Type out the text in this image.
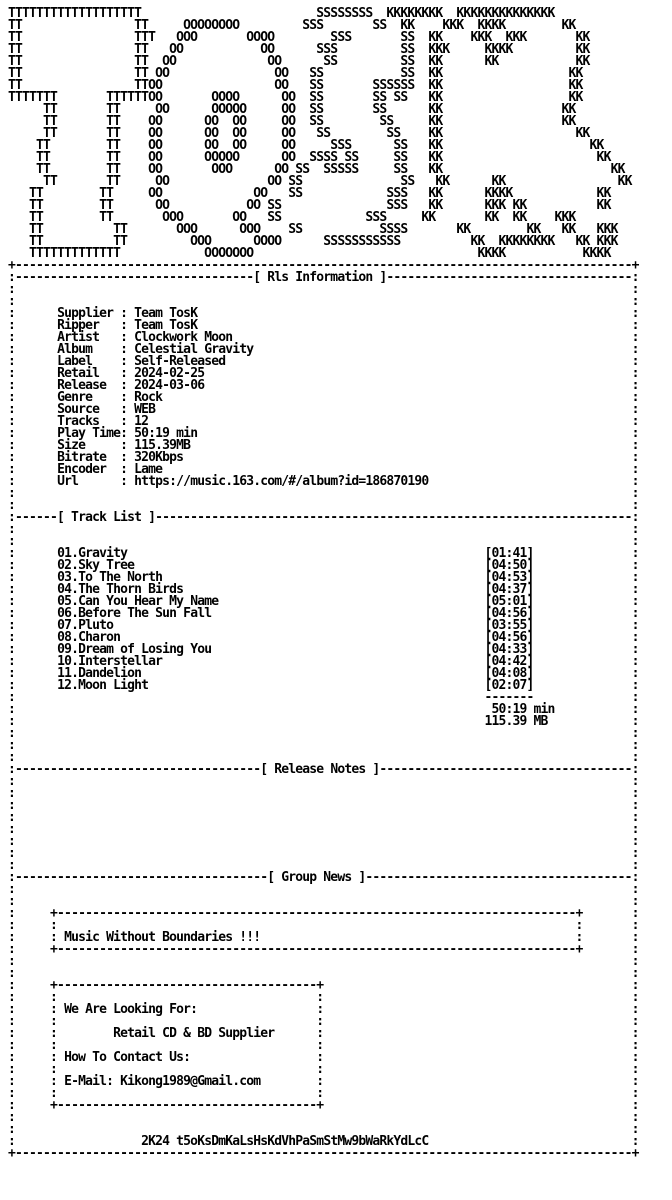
TTTTTTTTTTTTTTTTTTT                         SSSSSSSS  KKKKKKKK  KKKKKKKKKKKKKK
TT                TT     OOOOOOOO         SSS       SS  KK    KKK  KKKK        KK
TT                TTT   OOO       OOOO        SSS       SS  KK    KKK  KKK       KK
TT                TT   OO           OO      SSS         SS  KKK     KKKK         KK
TT                TT  OO             OO      SS         SS  KK      KK           KK
TT                TT OO               OO   SS           SS  KK                  KK
TT                TTOO                OO   SS       SSSSSS  KK                  KK
TTTTTTT       TTTTTTOO       OOOO      OO  SS       SS SS   KK                  KK
TT       TT     OO      OOOOO     OO  SS       SS      KK                 KK
TT       TT    OO      OO  OO     OO  SS        SS     KK                 KK
TT       TT    OO      OO  OO     OO   SS        SS    KK                   KK
TT        TT    OO      OO  OO     OO     SSS      SS   KK                     KK
TT        TT    OO      OOOOO      OO  SSSS SS     SS   KK                      KK
TT        TT    OO       OOO      OO SS  SSSSS     SS   KK                        KK
TT       TT     OO              OO SS              SS   KK      KK                KK
TT        TT     OO             OO   SS            SSS   KK      KKKK            KK
TT        TT      OO           OO SS               SSS   KK      KKK KK          KK
TT        TT       OOO       OO   SS            SSS     KK       KK  KK    KKK
TT          TT       OOO      OOO    SS           SSSS       KK        KK   KK   KKK
TT          TT         OOO      OOOO      SSSSSSSSSSS          KK  KKKKKKKK   KK KKK
TTTTTTTTTTTTT            OOOOOOO                                KKKK           KKKK
+----------------------------------------------------------------------------------------+
:----------------------------------[ Rls Information ]-----------------------------------:
:                                                                                        :
:                                                                                        :
:	Supplier : Team TosK                                                              :
:	Ripper   : Team TosK                                                              :
:	Artist   : Clockwork Moon                                                         :
:	Album    : Celestial Gravity                                                      :
:	Label    : Self-Released                                                          :
:	Retail   : 2024-02-25                                                             :
:	Release  : 2024-03-06                                                             :
:	Genre    : Rock                                                                   :
:	Source   : WEB                                                                    :
:	Tracks   : 12                                                                     :
:	Play Time: 50:19 min                                                              :
:	Size     : 115.39MB                                                               :
:	Bitrate  : 320Kbps                                                                :
:	Encoder  : Lame                                                                   :
:	Url      : https://music.163.com/#/album?id=186870190                             :
:                                                                                        :
:                                                                                        :
:------[ Track List ]--------------------------------------------------------------------:
:                                                                                        :
:                                                                                        :
:	01.Gravity	[01:41]              :
:	02.Sky Tree	[04:50]              :
:	03.To The North	[04:53]              :
:	04.The Thorn Birds	[04:37]              :
:	05.Can You Hear My Name	[05:01]              :
:	06.Before The Sun Fall	[04:56]              :
:	07.Pluto	[03:55]              :
:	08.Charon	[04:56]              :
:	09.Dream of Losing You	[04:33]              :
:	10.Interstellar	[04:42]              :
:	11.Dandelion	[04:08]              :
:	12.Moon Light	[02:07]              :
:	-------              :
:	50:19 min           :
:	115.39 MB            :
:                                                                                        :
:                                                                                        :
:                                                                                        :
:-----------------------------------[ Release Notes ]------------------------------------:
:                                                                                        :
:                                                                                        :
:                                                                                        :
:                                                                                        :
:                                                                                        :
:                                                                                        :
:                                                                                        :
:                                                                                        :
:------------------------------------[ Group News ]--------------------------------------:
:                                                                                        :
:                                                                                        :
:     +--------------------------------------------------------------------------+       :
:     :                                                                          :       :
:     : Music Without Boundaries !!!                                             :       :
:     +--------------------------------------------------------------------------+       :
:                                                                                        :
:                                                                                        :
:     +-------------------------------------+                                            :
:     :                                     :                                            :
:     : We Are Looking For:                 :                                            :
:     :                                     :                                            :
:     :	Retail CD & BD Supplier      :                                            :
:     :                                     :                                            :
:     : How To Contact Us:                  :                                            :
:     :                                     :                                            :
:     : E-Mail: Kikong1989@Gmail.com        :                                            :
:     :                                     :                                            :
:     +-------------------------------------+                                            :
:                                                                                        :
:                                                                                        :
:	2K24 t5oKsDmKaLsHsKdVhPaSmStMw9bWaRkYdLcC                             :
+----------------------------------------------------------------------------------------+
